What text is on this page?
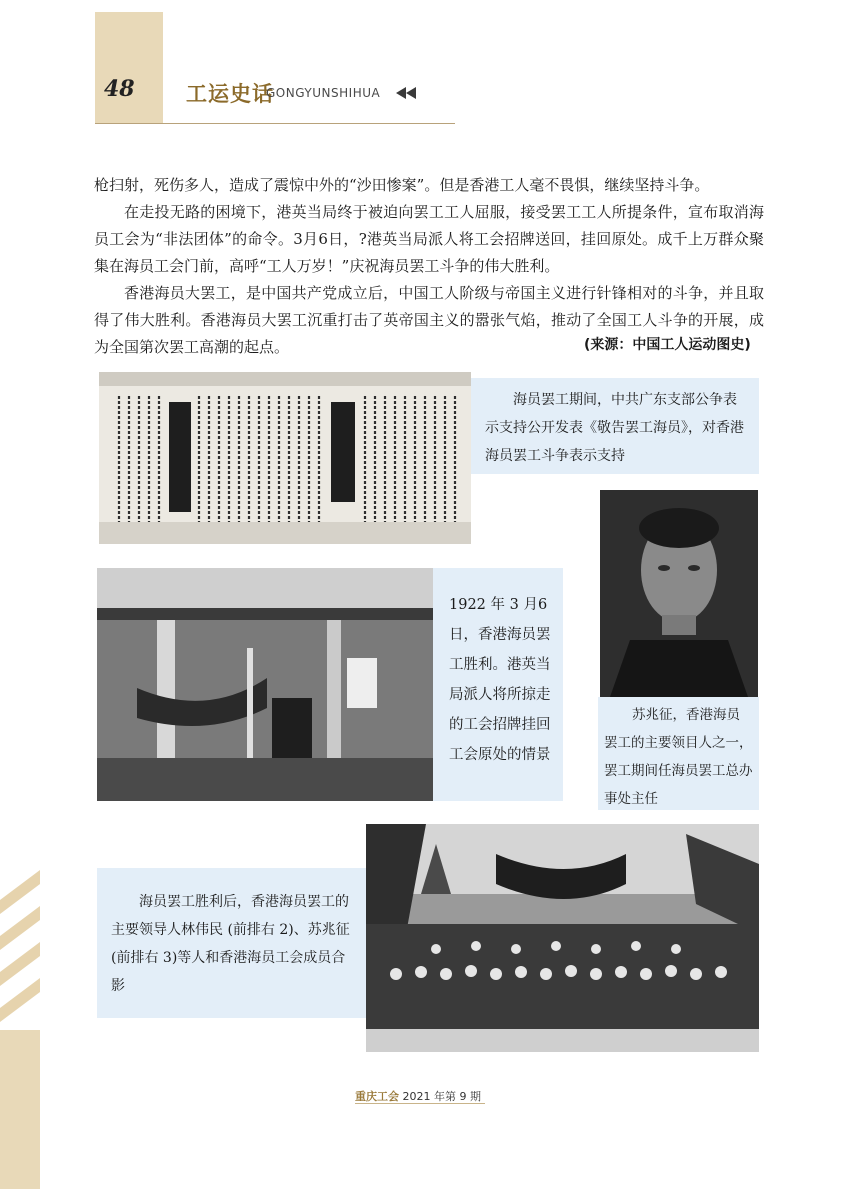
48 工运史话
GONGYUNSHIHUA

枪扫射，死伤多人，造成了震惊中外的“沙田惨案”。但是香港工人毫不畏惧，继续坚持斗争。

在走投无路的困境下，港英当局终于被迫向罢工工人屈服，接受罢工工人所提条件，宣布取消海员工会为“非法团体”的命令。3月6日，?港英当局派人将工会招牌送回，挂回原处。成千上万群众聚集在海员工会门前，高呼“工人万岁！”庆祝海员罢工斗争的伟大胜利。

香港海员大罢工，是中国共产党成立后，中国工人阶级与帝国主义进行针锋相对的斗争，并且取得了伟大胜利。香港海员大罢工沉重打击了英帝国主义的嚣张气焰，推动了全国工人斗争的开展，成为全国第次罢工高潮的起点。	(来源：中国工人运动图史)
海员罢工期间，中共广东支部公争表示支持公开发表《敬告罢工海员》，对香港海员罢工斗争表示支持
苏兆征，香港海员罢工的主要领目人之一，罢工期间任海员罢工总办事处主任
1922 年 3 月6日，香港海员罢工胜利。港英当局派人将所掠走的工会招牌挂回工会原处的情景
海员罢工胜利后，香港海员罢工的主要领导人林伟民 (前排右 2)、苏兆征(前排右 3)等人和香港海员工会成员合影
重庆工会 2021 年第 9 期
